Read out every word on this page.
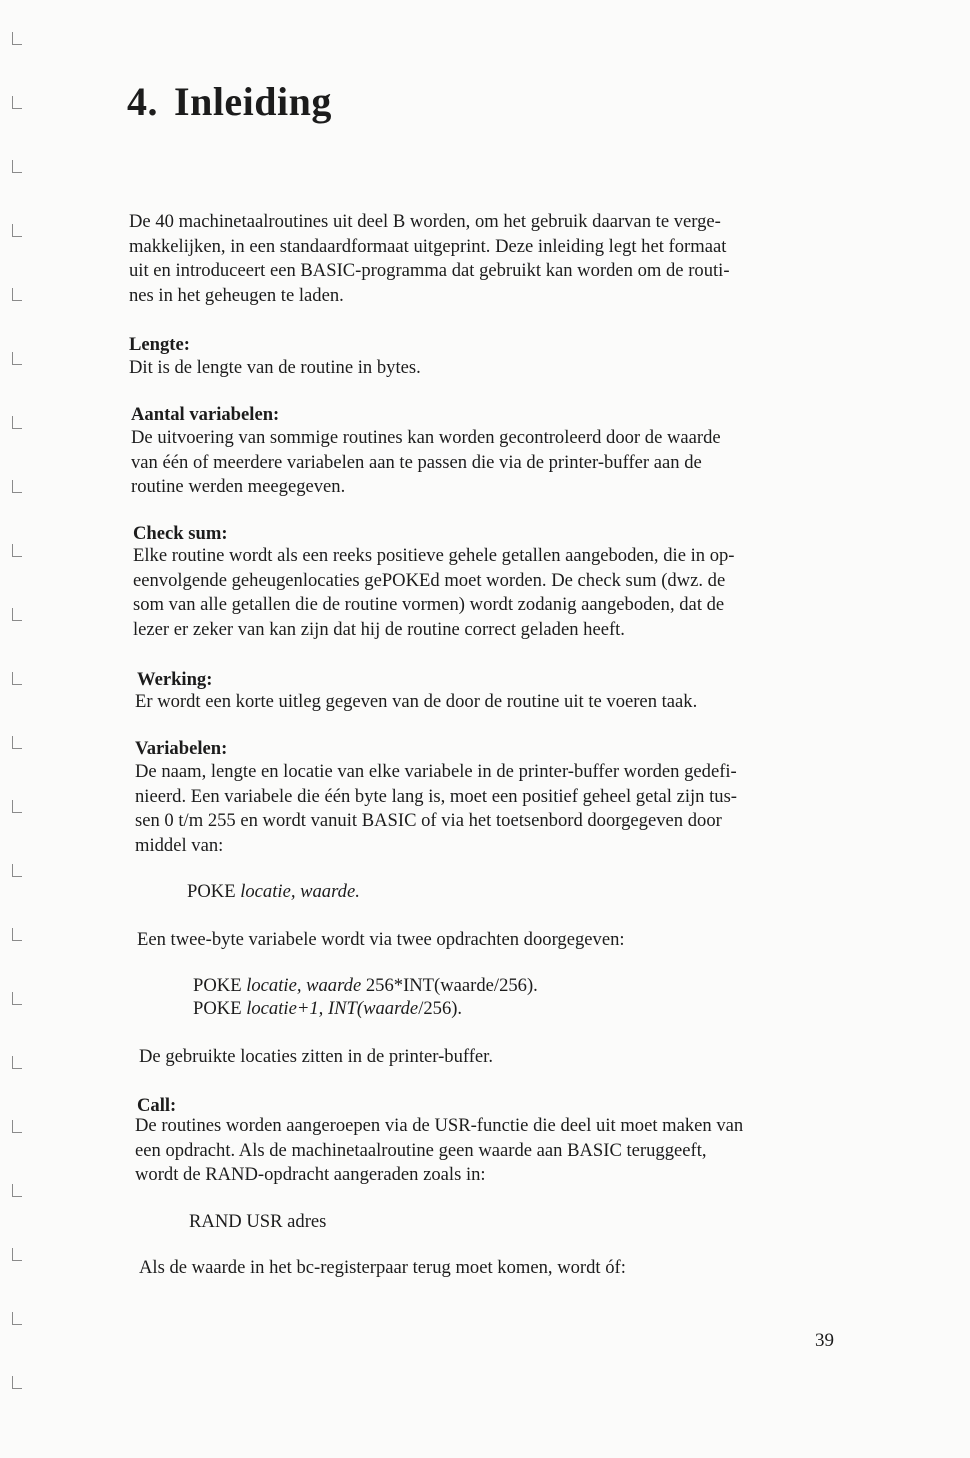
4. Inleiding

De 40 machinetaalroutines uit deel B worden, om het gebruik daarvan te verge-
makkelijken, in een standaardformaat uitgeprint. Deze inleiding legt het formaat
uit en introduceert een BASIC-programma dat gebruikt kan worden om de routi-
nes in het geheugen te laden.

Lengte:

Dit is de lengte van de routine in bytes.

Aantal variabelen:

De uitvoering van sommige routines kan worden gecontroleerd door de waarde
van één of meerdere variabelen aan te passen die via de printer-buffer aan de
routine werden meegegeven.

Check sum:

Elke routine wordt als een reeks positieve gehele getallen aangeboden, die in op-
eenvolgende geheugenlocaties gePOKEd moet worden. De check sum (dwz. de
som van alle getallen die de routine vormen) wordt zodanig aangeboden, dat de
lezer er zeker van kan zijn dat hij de routine correct geladen heeft.

Werking:

Er wordt een korte uitleg gegeven van de door de routine uit te voeren taak.

Variabelen:

De naam, lengte en locatie van elke variabele in de printer-buffer worden gedefi-
nieerd. Een variabele die één byte lang is, moet een positief geheel getal zijn tus-
sen 0 t/m 255 en wordt vanuit BASIC of via het toetsenbord doorgegeven door
middel van:

POKE locatie, waarde.

Een twee-byte variabele wordt via twee opdrachten doorgegeven:

POKE locatie, waarde 256*INT(waarde/256).
POKE locatie+1, INT(waarde/256).

De gebruikte locaties zitten in de printer-buffer.

Call:

De routines worden aangeroepen via de USR-functie die deel uit moet maken van
een opdracht. Als de machinetaalroutine geen waarde aan BASIC teruggeeft,
wordt de RAND-opdracht aangeraden zoals in:

RAND USR adres

Als de waarde in het bc-registerpaar terug moet komen, wordt óf:

39
